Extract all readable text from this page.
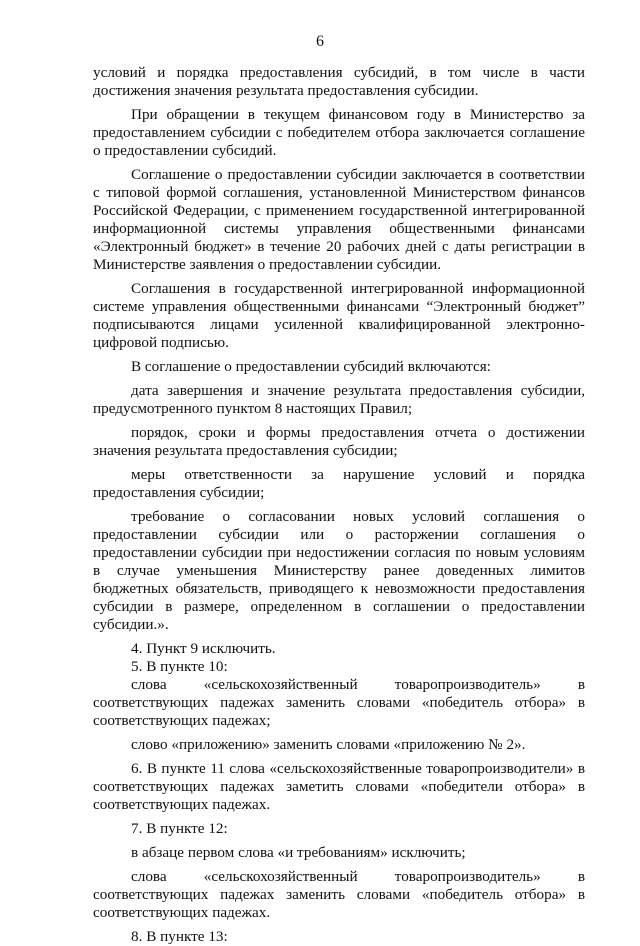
6

условий и порядка предоставления субсидий, в том числе в части достижения значения результата предоставления субсидии.

При обращении в текущем финансовом году в Министерство за предоставлением субсидии с победителем отбора заключается соглашение о предоставлении субсидий.

Соглашение о предоставлении субсидии заключается в соответствии с типовой формой соглашения, установленной Министерством финансов Российской Федерации, с применением государственной интегрированной информационной системы управления общественными финансами «Электронный бюджет» в течение 20 рабочих дней с даты регистрации в Министерстве заявления о предоставлении субсидии.

Соглашения в государственной интегрированной информационной системе управления общественными финансами “Электронный бюджет” подписываются лицами усиленной квалифицированной электронно-цифровой подписью.

В соглашение о предоставлении субсидий включаются:

дата завершения и значение результата предоставления субсидии, предусмотренного пунктом 8 настоящих Правил;

порядок, сроки и формы предоставления отчета о достижении значения результата предоставления субсидии;

меры ответственности за нарушение условий и порядка предоставления субсидии;

требование о согласовании новых условий соглашения о предоставлении субсидии или о расторжении соглашения о предоставлении субсидии при недостижении согласия по новым условиям в случае уменьшения Министерству ранее доведенных лимитов бюджетных обязательств, приводящего к невозможности предоставления субсидии в размере, определенном в соглашении о предоставлении субсидии.».

4. Пункт 9 исключить.

5. В пункте 10:

слова «сельскохозяйственный товаропроизводитель» в соответствующих падежах заменить словами «победитель отбора» в соответствующих падежах;

слово «приложению» заменить словами «приложению № 2».

6. В пункте 11 слова «сельскохозяйственные товаропроизводители» в соответствующих падежах заметить словами «победители отбора» в соответствующих падежах.

7. В пункте 12:

в абзаце первом слова «и требованиям» исключить;

слова «сельскохозяйственный товаропроизводитель» в соответствующих падежах заменить словами «победитель отбора» в соответствующих падежах.

8. В пункте 13:
